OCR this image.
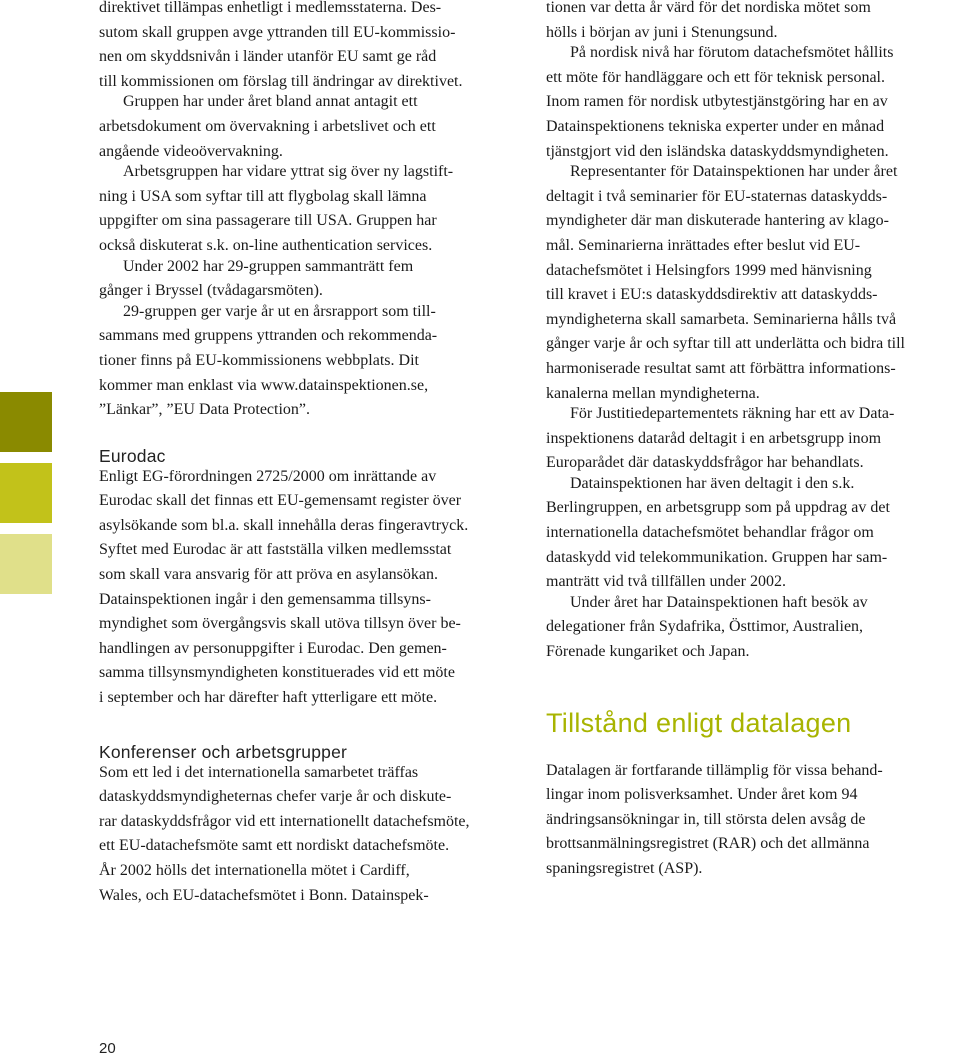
direktivet tillämpas enhetligt i medlemsstaterna. Des-
sutom skall gruppen avge yttranden till EU-kommissio-
nen om skyddsnivån i länder utanför EU samt ge råd
till kommissionen om förslag till ändringar av direktivet.
Gruppen har under året bland annat antagit ett
arbetsdokument om övervakning i arbetslivet och ett
angående videoövervakning.
Arbetsgruppen har vidare yttrat sig över ny lagstift-
ning i USA som syftar till att flygbolag skall lämna
uppgifter om sina passagerare till USA. Gruppen har
också diskuterat s.k. on-line authentication services.
Under 2002 har 29-gruppen sammanträtt fem
gånger i Bryssel (tvådagarsmöten).
29-gruppen ger varje år ut en årsrapport som till-
sammans med gruppens yttranden och rekommenda-
tioner finns på EU-kommissionens webbplats. Dit
kommer man enklast via www.datainspektionen.se,
”Länkar”, ”EU Data Protection”.
Eurodac
Enligt EG-förordningen 2725/2000 om inrättande av
Eurodac skall det finnas ett EU-gemensamt register över
asylsökande som bl.a. skall innehålla deras fingeravtryck.
Syftet med Eurodac är att fastställa vilken medlemsstat
som skall vara ansvarig för att pröva en asylansökan.
Datainspektionen ingår i den gemensamma tillsyns-
myndighet som övergångsvis skall utöva tillsyn över be-
handlingen av personuppgifter i Eurodac. Den gemen-
samma tillsynsmyndigheten konstituerades vid ett möte
i september och har därefter haft ytterligare ett möte.
Konferenser och arbetsgrupper
Som ett led i det internationella samarbetet träffas
dataskyddsmyndigheternas chefer varje år och diskute-
rar dataskyddsfrågor vid ett internationellt datachefsmöte,
ett EU-datachefsmöte samt ett nordiskt datachefsmöte.
År 2002 hölls det internationella mötet i Cardiff,
Wales, och EU-datachefsmötet i Bonn. Datainspek-
tionen var detta år värd för det nordiska mötet som
hölls i början av juni i Stenungsund.
På nordisk nivå har förutom datachefsmötet hållits
ett möte för handläggare och ett för teknisk personal.
Inom ramen för nordisk utbytestjänstgöring har en av
Datainspektionens tekniska experter under en månad
tjänstgjort vid den isländska dataskyddsmyndigheten.
Representanter för Datainspektionen har under året
deltagit i två seminarier för EU-staternas dataskydds-
myndigheter där man diskuterade hantering av klago-
mål. Seminarierna inrättades efter beslut vid EU-
datachefsmötet i Helsingfors 1999 med hänvisning
till kravet i EU:s dataskyddsdirektiv att dataskydds-
myndigheterna skall samarbeta. Seminarierna hålls två
gånger varje år och syftar till att underlätta och bidra till
harmoniserade resultat samt att förbättra informations-
kanalerna mellan myndigheterna.
För Justitiedepartementets räkning har ett av Data-
inspektionens dataråd deltagit i en arbetsgrupp inom
Europarådet där dataskyddsfrågor har behandlats.
Datainspektionen har även deltagit i den s.k.
Berlingruppen, en arbetsgrupp som på uppdrag av det
internationella datachefsmötet behandlar frågor om
dataskydd vid telekommunikation. Gruppen har sam-
manträtt vid två tillfällen under 2002.
Under året har Datainspektionen haft besök av
delegationer från Sydafrika, Östtimor, Australien,
Förenade kungariket och Japan.
Tillstånd enligt datalagen
Datalagen är fortfarande tillämplig för vissa behand-
lingar inom polisverksamhet. Under året kom 94
ändringsansökningar in, till största delen avsåg de
brottsanmälningsregistret (RAR) och det allmänna
spaningsregistret (ASP).
20
